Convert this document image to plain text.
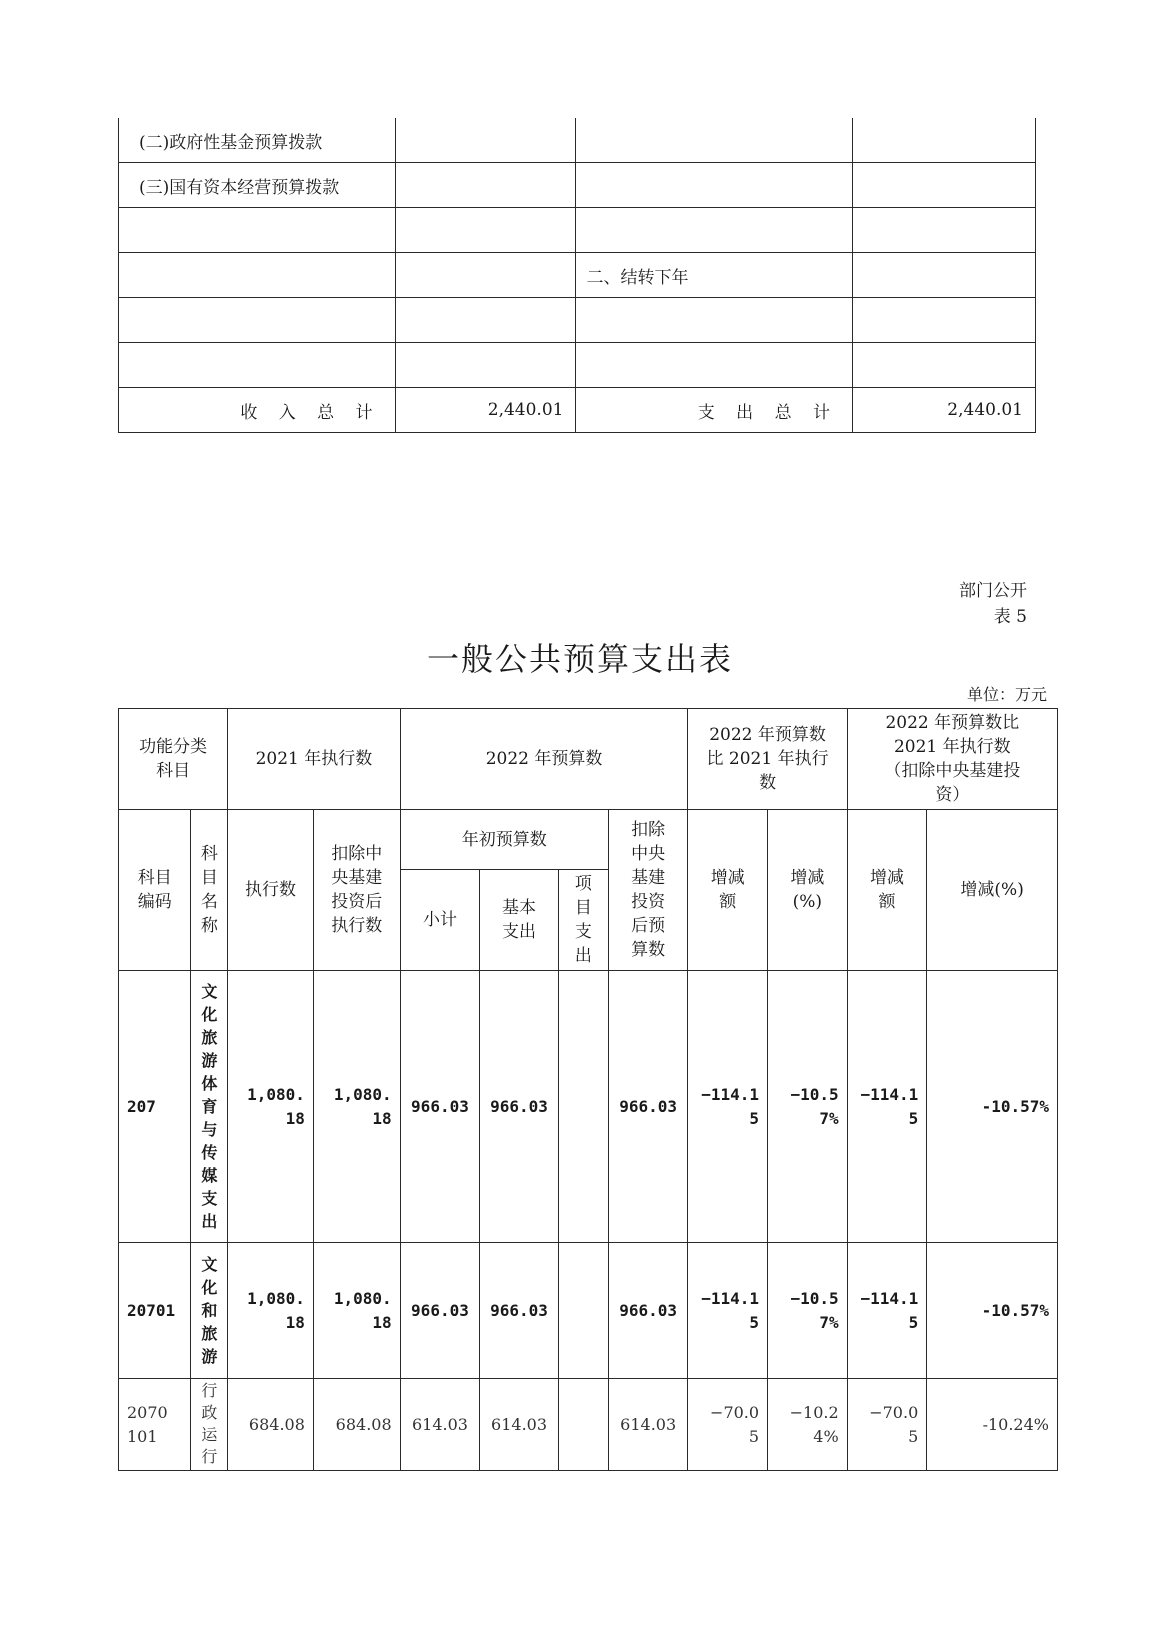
(二)政府性基金预算拨款			
(三)国有资本经营预算拨款			

		二、结转下年	

收 入 总 计	2,440.01	支 出 总 计	2,440.01
部门公开
表 5
一般公共预算支出表
单位：万元
功能分类科目		2021 年执行数		2022 年预算数				2022 年预算数比 2021 年执行数		2022 年预算数比 2021 年执行数（扣除中央基建投资）	

科目编码	科目名称	执行数	扣除中央基建投资后执行数	年初预算数			扣除中央基建投资后预算数	增减额	增减(%)	增减额	增减(%)
				小计	基本支出	项目支出					
207	文化旅游体育与传媒支出	1,080.18	1,080.18	966.03	966.03		966.03	−114.15	−10.57%	−114.15	-10.57%
20701	文化和旅游	1,080.18	1,080.18	966.03	966.03		966.03	−114.15	−10.57%	−114.15	-10.57%
2070101	行政运行	684.08	684.08	614.03	614.03		614.03	−70.05	−10.24%	−70.05	-10.24%
